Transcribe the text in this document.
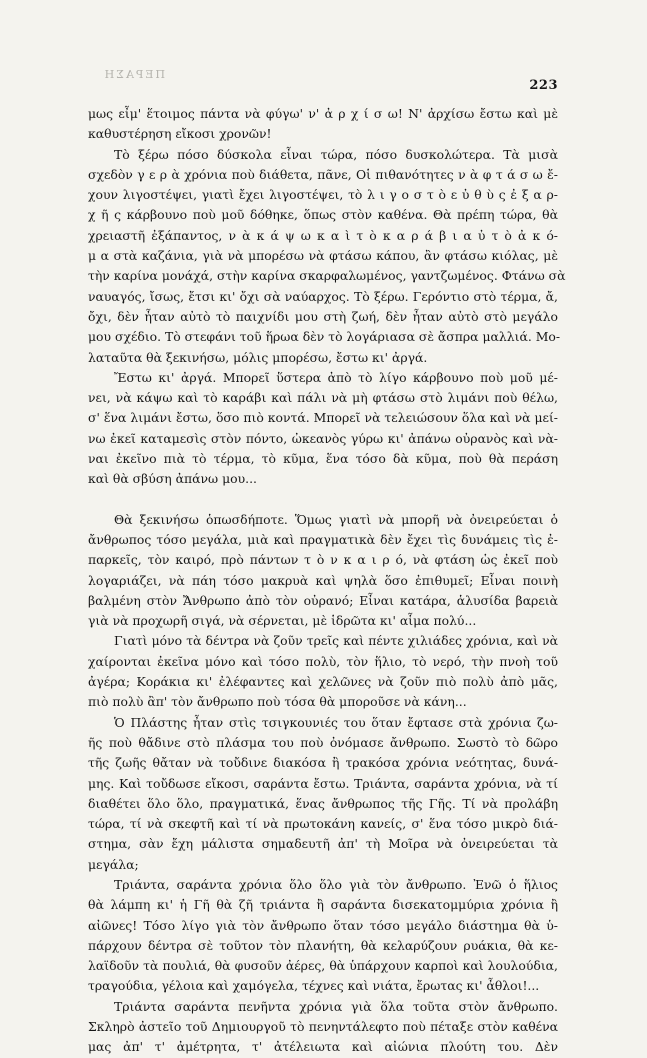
ΠΕΡΑΣΗ
223

μως εἶμ' ἕτοιμος πάντα νὰ φύγω' ν' ἀ ρ χ ί σ ω! Ν' ἀρχίσω ἔστω καὶ μὲ
καθυστέρηση εἴκοσι χρονῶν!

Τὸ ξέρω πόσο δύσκολα εἶναι τώρα, πόσο δυσκολώτερα. Τὰ μισὰ
σχεδὸν γ ε ρ ὰ χρόνια ποὺ διάθετα, πᾶνε, Οἱ πιθανότητες ν ὰ φ τ ά σ ω ἔ-
χουν λιγοστέψει, γιατὶ ἔχει λιγοστέψει, τὸ λ ι γ ο σ τ ὸ ε ὐ θ ὺ ς ἐ ξ α ρ-
χ ῆ ς κάρβουνο ποὺ μοῦ δόθηκε, ὅπως στὸν καθένα. Θὰ πρέπη τώρα, θὰ
χρειαστῆ ἐξάπαντος, ν ὰ κ ά ψ ω κ α ὶ τ ὸ κ α ρ ά β ι α ὐ τ ὸ ἀ κ ό-
μ α στὰ καζάνια, γιὰ νὰ μπορέσω νὰ φτάσω κάπου, ἂν φτάσω κιόλας, μὲ
τὴν καρίνα μονάχά, στὴν καρίνα σκαρφαλωμένος, γαντζωμένος. Φτάνω σὰ
ναυαγός, ἴσως, ἔτσι κι' ὄχι σὰ ναύαρχος. Τὸ ξέρω. Γερόντιο στὸ τέρμα, ἄ,
ὄχι, δὲν ἦταν αὐτὸ τὸ παιχνίδι μου στὴ ζωή, δὲν ἦταν αὐτὸ στὸ μεγάλο
μου σχέδιο. Τὸ στεφάνι τοῦ ἥρωα δὲν τὸ λογάριασα σὲ ἄσπρα μαλλιά. Μο-
λαταῦτα θὰ ξεκινήσω, μόλις μπορέσω, ἔστω κι' ἀργά.

Ἔστω κι' ἀργά. Μπορεῖ ὕστερα ἀπὸ τὸ λίγο κάρβουνο ποὺ μοῦ μέ-
νει, νὰ κάψω καὶ τὸ καράβι καὶ πάλι νὰ μὴ φτάσω στὸ λιμάνι ποὺ θέλω,
σ' ἕνα λιμάνι ἔστω, ὅσο πιὸ κοντά. Μπορεῖ νὰ τελειώσουν ὅλα καὶ νὰ μεί-
νω ἐκεῖ καταμεσὶς στὸν πόντο, ὠκεανὸς γύρω κι' ἀπάνω οὐρανὸς καὶ νὰ-
ναι ἐκεῖνο πιὰ τὸ τέρμα, τὸ κῦμα, ἕνα τόσο δὰ κῦμα, ποὺ θὰ περάση
καὶ θὰ σβύση ἀπάνω μου...

Θὰ ξεκινήσω ὁπωσδήποτε. Ὅμως γιατὶ νὰ μπορῆ νὰ ὀνειρεύεται ὁ
ἄνθρωπος τόσο μεγάλα, μιὰ καὶ πραγματικὰ δὲν ἔχει τὶς δυνάμεις τὶς ἐ-
παρκεῖς, τὸν καιρό, πρὸ πάντων τ ὸ ν κ α ι ρ ό, νὰ φτάση ὡς ἐκεῖ ποὺ
λογαριάζει, νὰ πάη τόσο μακρυὰ καὶ ψηλὰ ὅσο ἐπιθυμεῖ; Εἶναι ποινὴ
βαλμένη στὸν Ἄνθρωπο ἀπὸ τὸν οὐρανό; Εἶναι κατάρα, ἁλυσίδα βαρειὰ
γιὰ νὰ προχωρῆ σιγά, νὰ σέρνεται, μὲ ἱδρῶτα κι' αἷμα πολύ...

Γιατὶ μόνο τὰ δέντρα νὰ ζοῦν τρεῖς καὶ πέντε χιλιάδες χρόνια, καὶ νὰ
χαίρονται ἐκεῖνα μόνο καὶ τόσο πολὺ, τὸν ἥλιο, τὸ νερό, τὴν πνοὴ τοῦ
ἀγέρα; Κοράκια κι' ἐλέφαντες καὶ χελῶνες νὰ ζοῦν πιὸ πολὺ ἀπὸ μᾶς,
πιὸ πολὺ ἂπ' τὸν ἄνθρωπο ποὺ τόσα θὰ μποροῦσε νὰ κάνη...

Ὁ Πλάστης ἦταν στὶς τσιγκουνιές του ὅταν ἔφτασε στὰ χρόνια ζω-
ῆς ποὺ θἄδινε στὸ πλάσμα του ποὺ ὀνόμασε ἄνθρωπο. Σωστὸ τὸ δῶρο
τῆς ζωῆς θἄταν νὰ τοὔδινε διακόσα ἢ τρακόσα χρόνια νεότητας, δυνά-
μης. Καὶ τοὔδωσε εἴκοσι, σαράντα ἔστω. Τριάντα, σαράντα χρόνια, νὰ τί
διαθέτει ὅλο ὅλο, πραγματικά, ἕνας ἄνθρωπος τῆς Γῆς. Τί νὰ προλάβη
τώρα, τί νὰ σκεφτῆ καὶ τί νὰ πρωτοκάνη κανείς, σ' ἕνα τόσο μικρὸ διά-
στημα, σὰν ἔχη μάλιστα σημαδευτῆ ἀπ' τὴ Μοῖρα νὰ ὀνειρεύεται τὰ
μεγάλα;

Τριάντα, σαράντα χρόνια ὅλο ὅλο γιὰ τὸν ἄνθρωπο. Ἐνῶ ὁ ἥλιος
θὰ λάμπη κι' ἡ Γῆ θὰ ζῆ τριάντα ἢ σαράντα δισεκατομμύρια χρόνια ἢ
αἰῶνες! Τόσο λίγο γιὰ τὸν ἄνθρωπο ὅταν τόσο μεγάλο διάστημα θὰ ὑ-
πάρχουν δέντρα σὲ τοῦτον τὸν πλανήτη, θὰ κελαρύζουν ρυάκια, θὰ κε-
λαϊδοῦν τὰ πουλιά, θὰ φυσοῦν ἀέρες, θὰ ὑπάρχουν καρποὶ καὶ λουλούδια,
τραγούδια, γέλοια καὶ χαμόγελα, τέχνες καὶ νιάτα, ἔρωτας κι' ἆθλοι!...

Τριάντα σαράντα πενῆντα χρόνια γιὰ ὅλα τοῦτα στὸν ἄνθρωπο.
Σκληρὸ ἀστεῖο τοῦ Δημιουργοῦ τὸ πενηντάλεφτο ποὺ πέταξε στὸν καθένα
μας ἀπ' τ' ἀμέτρητα, τ' ἀτέλειωτα καὶ αἰώνια πλούτη του. Δὲν
